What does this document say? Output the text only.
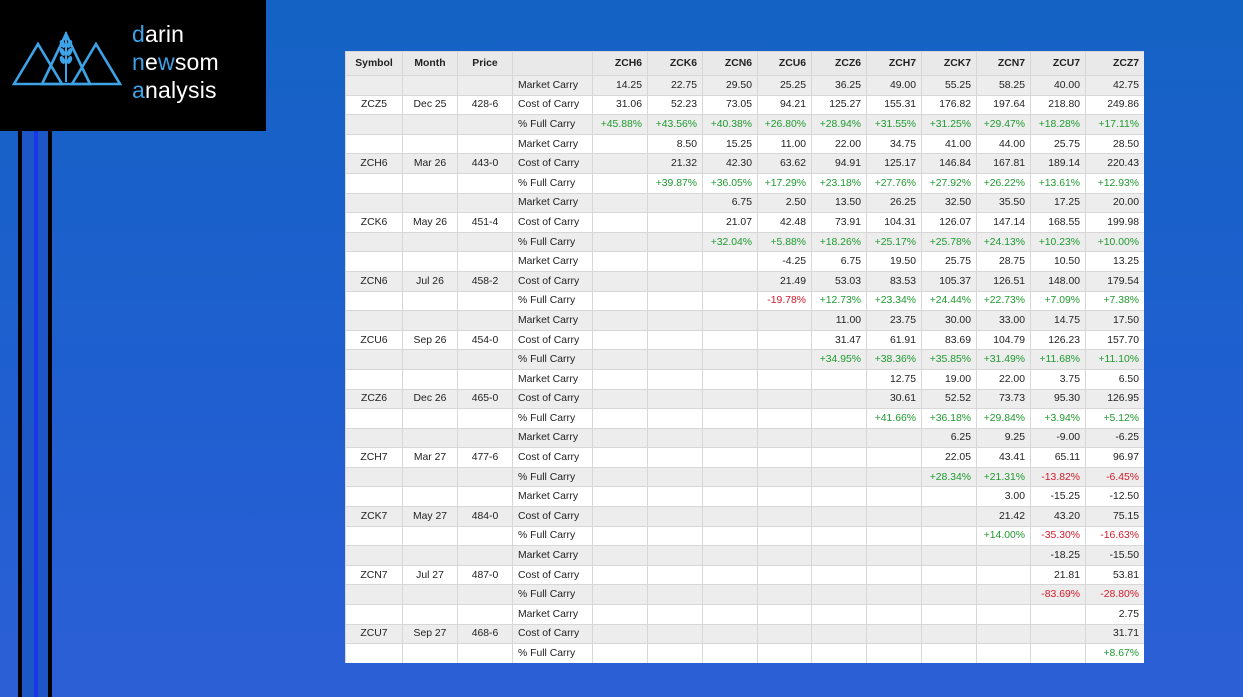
darin
newsom
analysis
Symbol	Month	Price		ZCH6	ZCK6	ZCN6	ZCU6	ZCZ6	ZCH7	ZCK7	ZCN7	ZCU7	ZCZ7
			Market Carry	14.25	22.75	29.50	25.25	36.25	49.00	55.25	58.25	40.00	42.75
ZCZ5	Dec 25	428-6	Cost of Carry	31.06	52.23	73.05	94.21	125.27	155.31	176.82	197.64	218.80	249.86
			% Full Carry	+45.88%	+43.56%	+40.38%	+26.80%	+28.94%	+31.55%	+31.25%	+29.47%	+18.28%	+17.11%
			Market Carry		8.50	15.25	11.00	22.00	34.75	41.00	44.00	25.75	28.50
ZCH6	Mar 26	443-0	Cost of Carry		21.32	42.30	63.62	94.91	125.17	146.84	167.81	189.14	220.43
			% Full Carry		+39.87%	+36.05%	+17.29%	+23.18%	+27.76%	+27.92%	+26.22%	+13.61%	+12.93%
			Market Carry			6.75	2.50	13.50	26.25	32.50	35.50	17.25	20.00
ZCK6	May 26	451-4	Cost of Carry			21.07	42.48	73.91	104.31	126.07	147.14	168.55	199.98
			% Full Carry			+32.04%	+5.88%	+18.26%	+25.17%	+25.78%	+24.13%	+10.23%	+10.00%
			Market Carry				-4.25	6.75	19.50	25.75	28.75	10.50	13.25
ZCN6	Jul 26	458-2	Cost of Carry				21.49	53.03	83.53	105.37	126.51	148.00	179.54
			% Full Carry				-19.78%	+12.73%	+23.34%	+24.44%	+22.73%	+7.09%	+7.38%
			Market Carry					11.00	23.75	30.00	33.00	14.75	17.50
ZCU6	Sep 26	454-0	Cost of Carry					31.47	61.91	83.69	104.79	126.23	157.70
			% Full Carry					+34.95%	+38.36%	+35.85%	+31.49%	+11.68%	+11.10%
			Market Carry						12.75	19.00	22.00	3.75	6.50
ZCZ6	Dec 26	465-0	Cost of Carry						30.61	52.52	73.73	95.30	126.95
			% Full Carry						+41.66%	+36.18%	+29.84%	+3.94%	+5.12%
			Market Carry							6.25	9.25	-9.00	-6.25
ZCH7	Mar 27	477-6	Cost of Carry							22.05	43.41	65.11	96.97
			% Full Carry							+28.34%	+21.31%	-13.82%	-6.45%
			Market Carry								3.00	-15.25	-12.50
ZCK7	May 27	484-0	Cost of Carry								21.42	43.20	75.15
			% Full Carry								+14.00%	-35.30%	-16.63%
			Market Carry									-18.25	-15.50
ZCN7	Jul 27	487-0	Cost of Carry									21.81	53.81
			% Full Carry									-83.69%	-28.80%
			Market Carry										2.75
ZCU7	Sep 27	468-6	Cost of Carry										31.71
			% Full Carry										+8.67%
